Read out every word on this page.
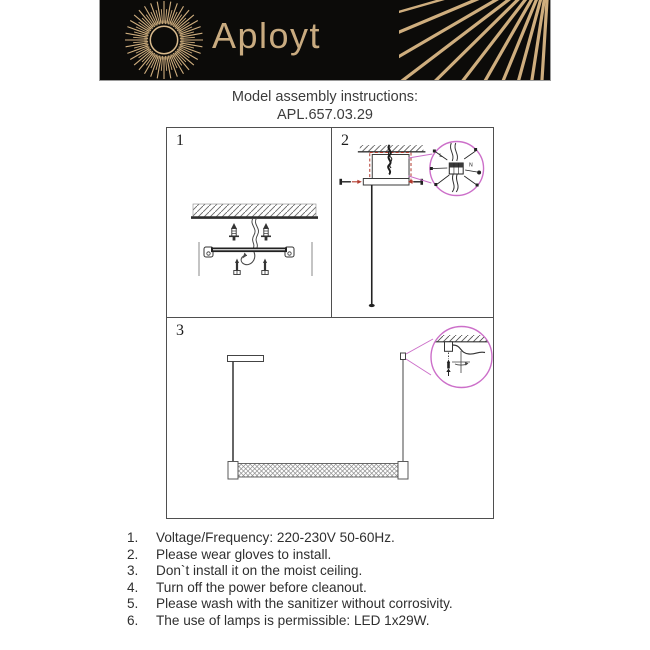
Aployt
Model assembly instructions:
APL.657.03.29
1	2
L
N
3
1.	Voltage/Frequency: 220-230V 50-60Hz.
2.	Please wear gloves to install.
3.	Don`t install it on the moist ceiling.
4.	Turn off the power before cleanout.
5.	Please wash with the sanitizer without corrosivity.
6.	The use of lamps is permissible: LED 1x29W.
